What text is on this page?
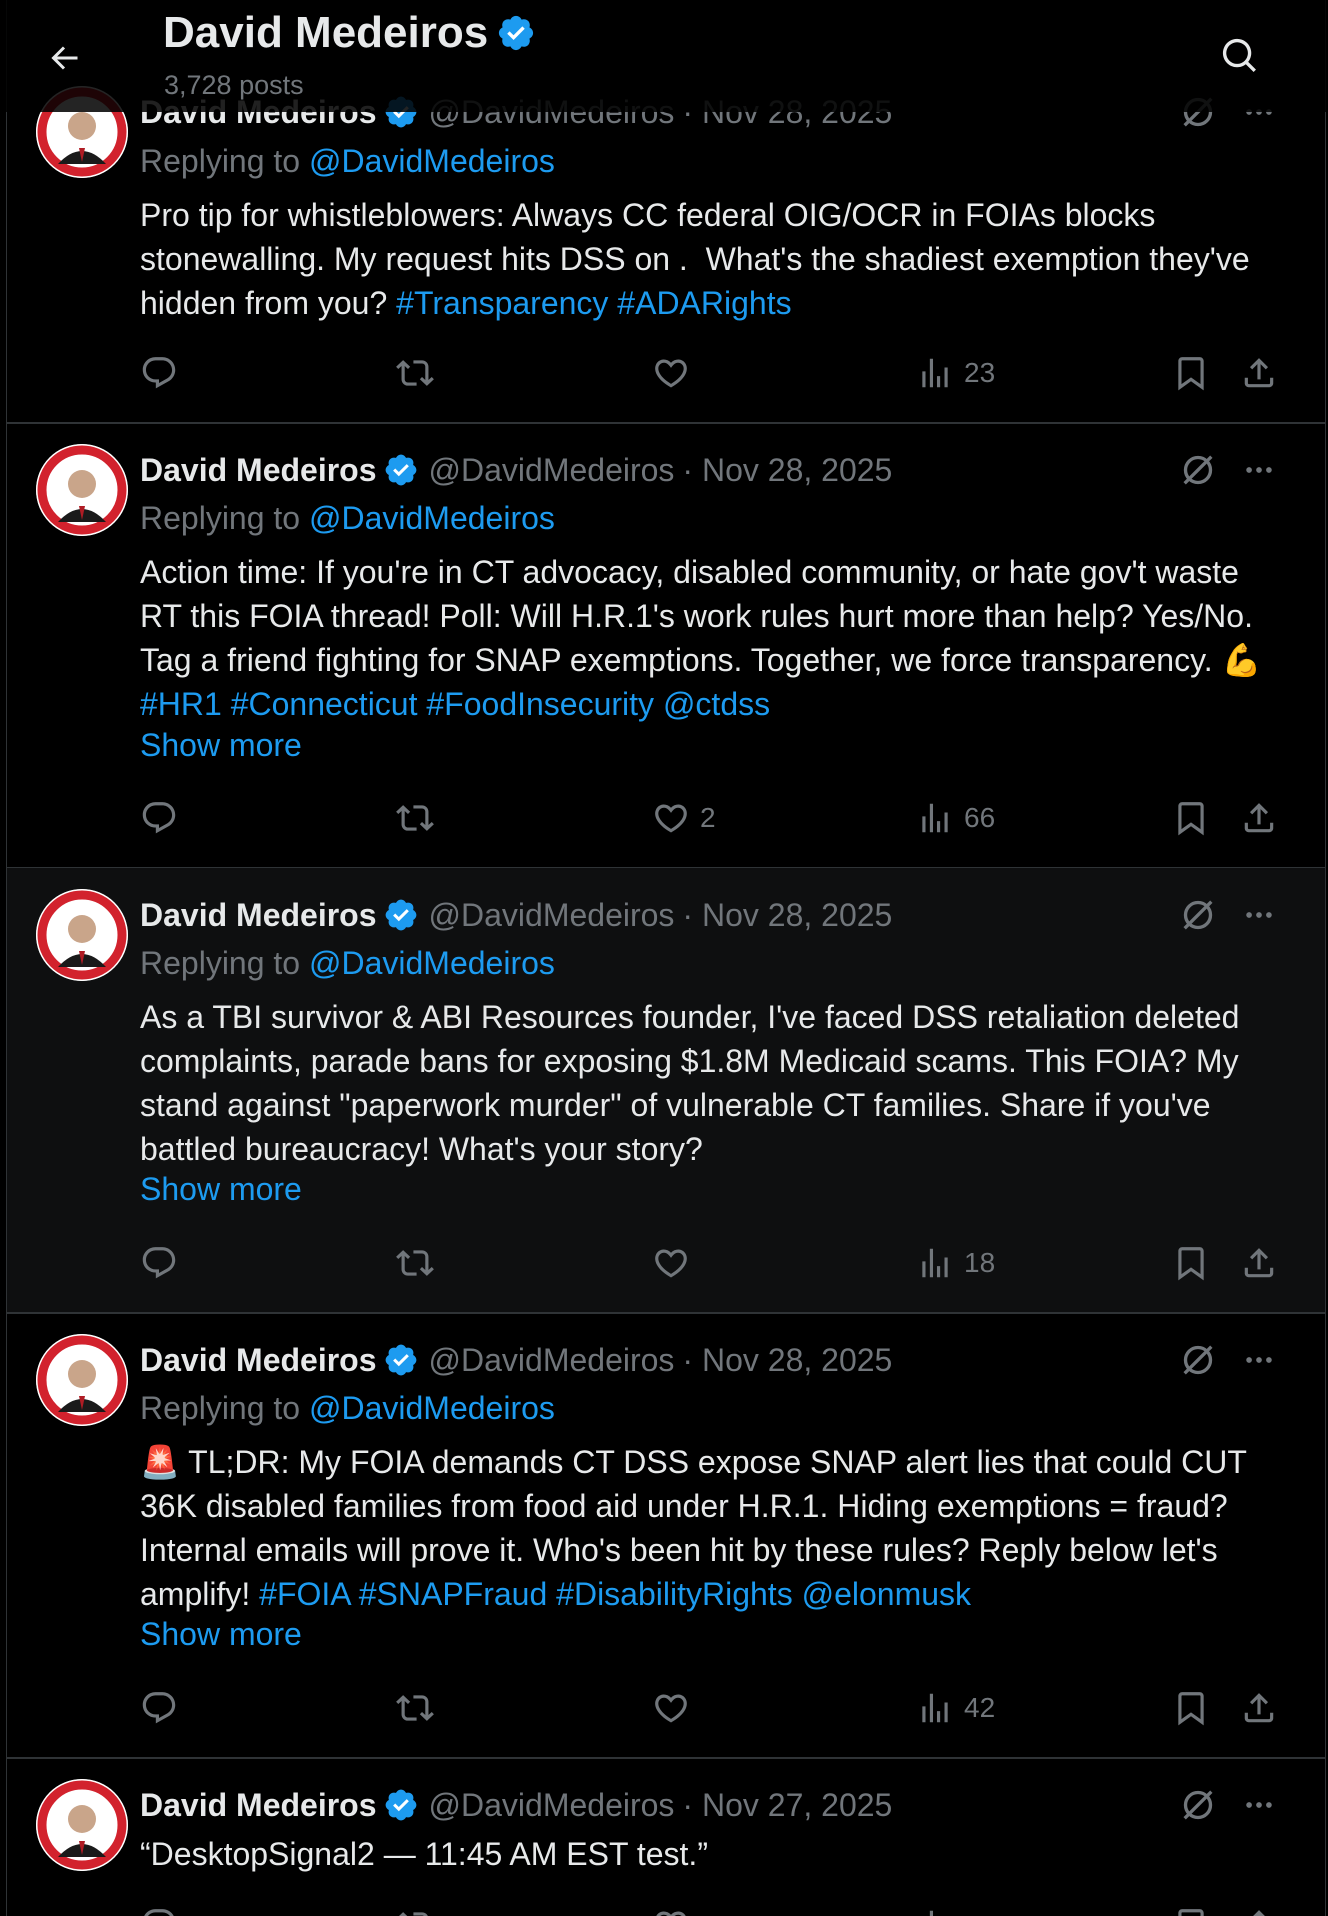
David Medeiros
3,728 posts
Replying to @DavidMedeiros
Pro tip for whistleblowers: Always CC federal OIG/OCR in FOIAs blocks stonewalling. My request hits DSS on .  What's the shadiest exemption they've hidden from you? #Transparency #ADARights
23
David Medeiros @DavidMedeiros · Nov 28, 2025
Replying to @DavidMedeiros
Action time: If you're in CT advocacy, disabled community, or hate gov't waste RT this FOIA thread! Poll: Will H.R.1's work rules hurt more than help? Yes/No. Tag a friend fighting for SNAP exemptions. Together, we force transparency. 💪 #HR1 #Connecticut #FoodInsecurity @ctdss
Show more
2	66
David Medeiros @DavidMedeiros · Nov 28, 2025
Replying to @DavidMedeiros
As a TBI survivor & ABI Resources founder, I've faced DSS retaliation deleted complaints, parade bans for exposing $1.8M Medicaid scams. This FOIA? My stand against "paperwork murder" of vulnerable CT families. Share if you've battled bureaucracy! What's your story?
Show more
18
David Medeiros @DavidMedeiros · Nov 28, 2025
Replying to @DavidMedeiros
🚨 TL;DR: My FOIA demands CT DSS expose SNAP alert lies that could CUT 36K disabled families from food aid under H.R.1. Hiding exemptions = fraud? Internal emails will prove it. Who's been hit by these rules? Reply below let's amplify! #FOIA #SNAPFraud #DisabilityRights @elonmusk
Show more
42
David Medeiros @DavidMedeiros · Nov 27, 2025
“DesktopSignal2 — 11:45 AM EST test.”
